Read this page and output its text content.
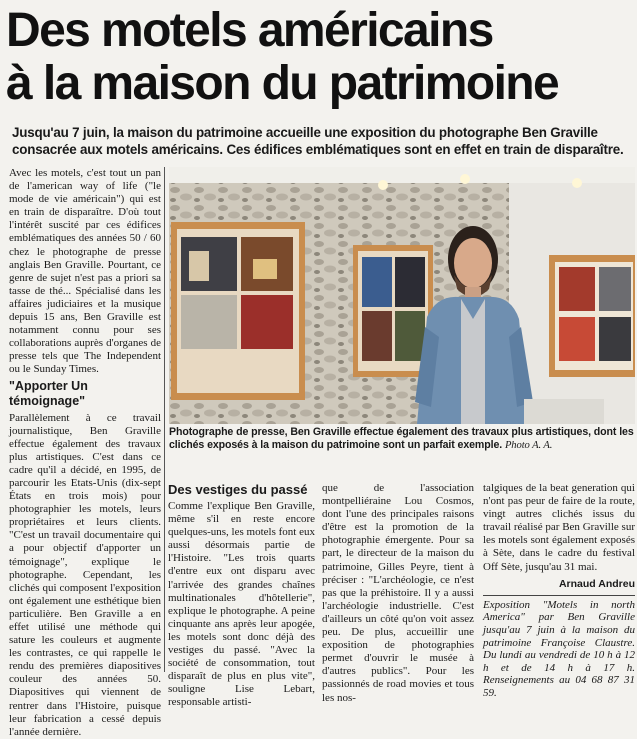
Des motels américains
à la maison du patrimoine
Jusqu'au 7 juin, la maison du patrimoine accueille une exposition du photographe Ben Graville consacrée aux motels américains. Ces édifices emblématiques sont en effet en train de disparaître.

Avec les motels, c'est tout un pan de l'american way of life ("le mode de vie américain") qui est en train de disparaître. D'où tout l'intérêt suscité par ces édifices emblématiques des années 50 / 60 chez le photographe de presse anglais Ben Graville. Pourtant, ce genre de sujet n'est pas a priori sa tasse de thé... Spécialisé dans les affaires judiciaires et la musique depuis 15 ans, Ben Graville est notamment connu pour ses collaborations auprès d'organes de presse tels que The Independent ou le Sunday Times.

"Apporter Un témoignage"

Parallèlement à ce travail journalistique, Ben Graville effectue également des travaux plus artistiques. C'est dans ce cadre qu'il a décidé, en 1995, de parcourir les Etats-Unis (dix-sept États en trois mois) pour photographier les motels, leurs propriétaires et leurs clients. "C'est un travail documentaire qui a pour objectif d'apporter un témoignage", explique le photographe. Cependant, les clichés qui composent l'exposition ont également une esthétique bien particulière. Ben Graville a en effet utilisé une méthode qui sature les couleurs et augmente les contrastes, ce qui rappelle le rendu des premières diapositives couleur des années 50. Diapositives qui viennent de rentrer dans l'Histoire, puisque leur fabrication a cessé depuis l'année dernière.

Photographe de presse, Ben Graville effectue également des travaux plus artistiques, dont les clichés exposés à la maison du patrimoine sont un parfait exemple. Photo A. A.
Des vestiges du passé

Comme l'explique Ben Graville, même s'il en reste encore quelques-uns, les motels font eux aussi désormais partie de l'Histoire. "Les trois quarts d'entre eux ont disparu avec l'arrivée des grandes chaînes multinationales d'hôtellerie", explique le photographe. A peine cinquante ans après leur apogée, les motels sont donc déjà des vestiges du passé. "Avec la société de consommation, tout disparaît de plus en plus vite", souligne Lise Lebart, responsable artisti-

que de l'association montpelliéraine Lou Cosmos, dont l'une des principales raisons d'être est la promotion de la photographie émergente. Pour sa part, le directeur de la maison du patrimoine, Gilles Peyre, tient à préciser : "L'archéologie, ce n'est pas que la préhistoire. Il y a aussi l'archéologie industrielle. C'est d'ailleurs un côté qu'on voit assez peu. De plus, accueillir une exposition de photographies permet d'ouvrir le musée à d'autres publics". Pour les passionnés de road movies et tous les nos-

talgiques de la beat generation qui n'ont pas peur de faire de la route, vingt autres clichés issus du travail réalisé par Ben Graville sur les motels sont également exposés à Sète, dans le cadre du festival Off Sète, jusqu'au 31 mai.

Arnaud Andreu
Exposition "Motels in north America" par Ben Graville jusqu'au 7 juin à la maison du patrimoine Françoise Claustre. Du lundi au vendredi de 10 h à 12 h et de 14 h à 17 h. Renseignements au 04 68 87 31 59.
